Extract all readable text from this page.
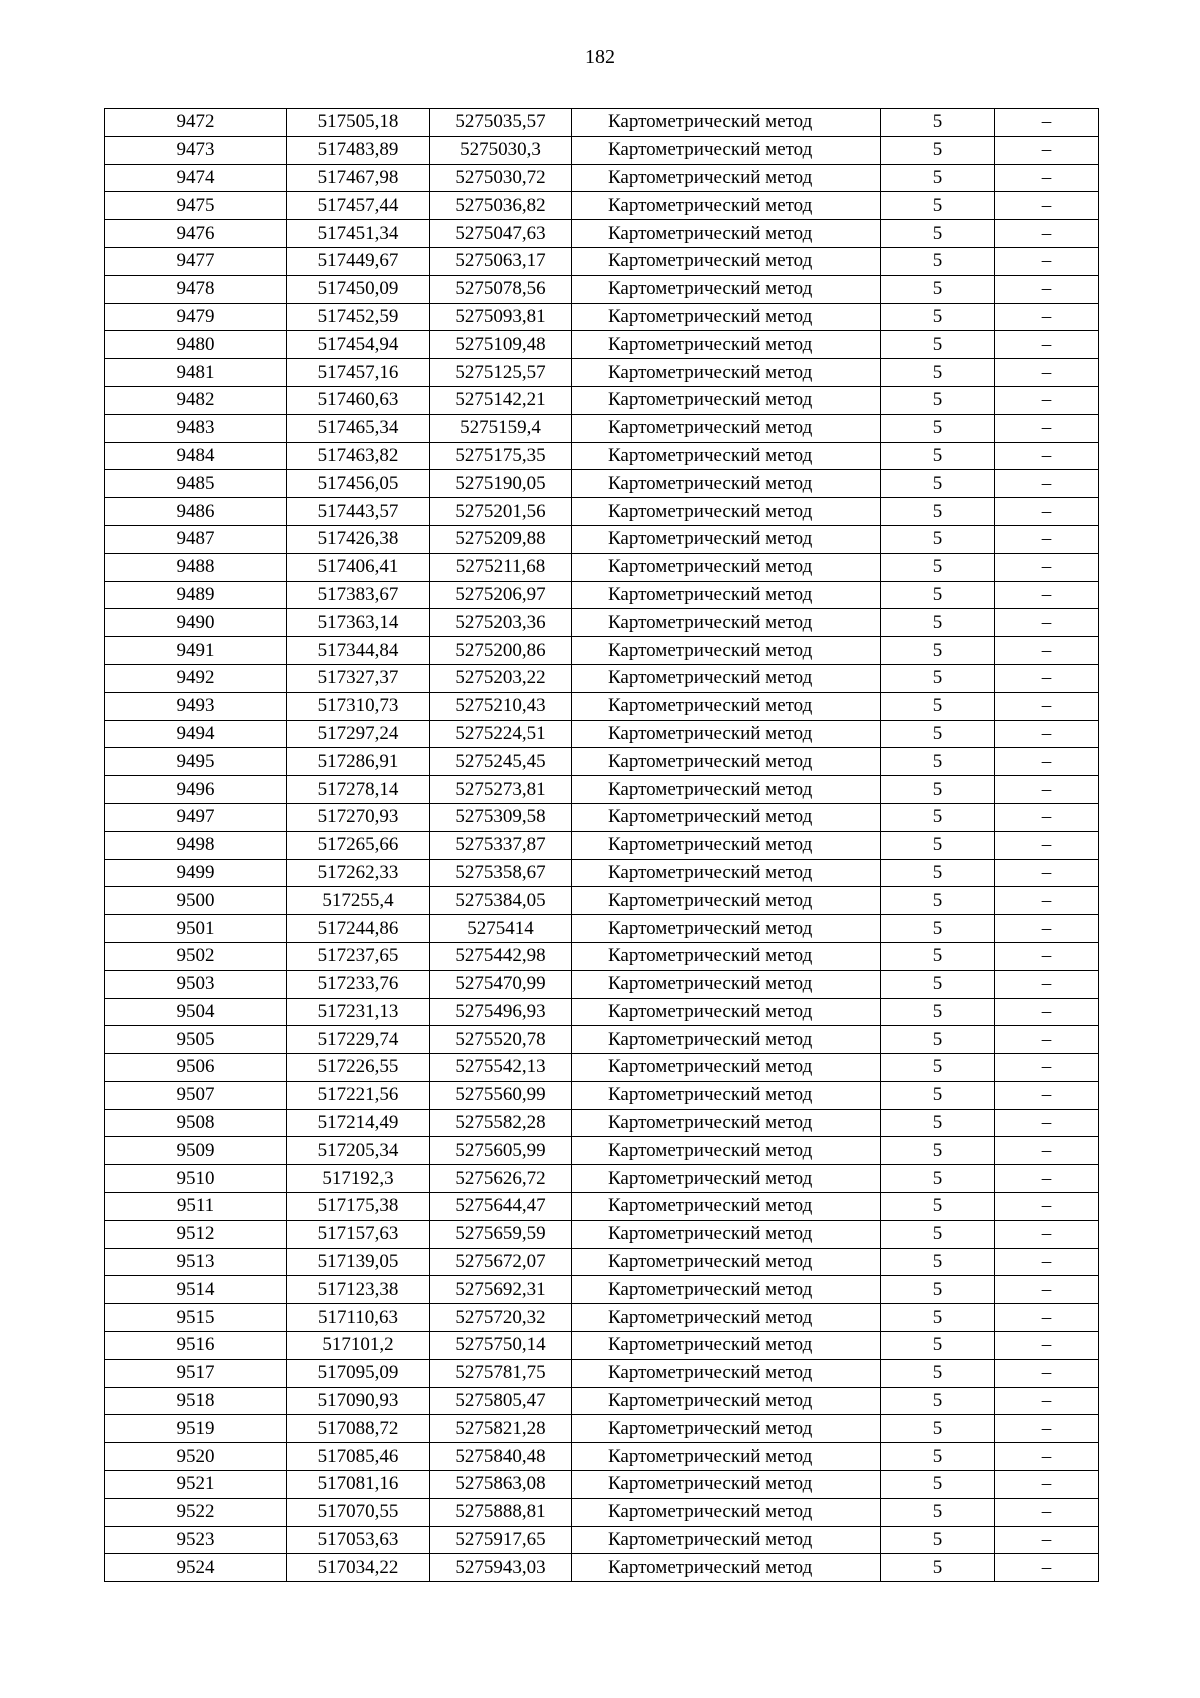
182
9472	517505,18	5275035,57	Картометрический метод	5	–
9473	517483,89	5275030,3	Картометрический метод	5	–
9474	517467,98	5275030,72	Картометрический метод	5	–
9475	517457,44	5275036,82	Картометрический метод	5	–
9476	517451,34	5275047,63	Картометрический метод	5	–
9477	517449,67	5275063,17	Картометрический метод	5	–
9478	517450,09	5275078,56	Картометрический метод	5	–
9479	517452,59	5275093,81	Картометрический метод	5	–
9480	517454,94	5275109,48	Картометрический метод	5	–
9481	517457,16	5275125,57	Картометрический метод	5	–
9482	517460,63	5275142,21	Картометрический метод	5	–
9483	517465,34	5275159,4	Картометрический метод	5	–
9484	517463,82	5275175,35	Картометрический метод	5	–
9485	517456,05	5275190,05	Картометрический метод	5	–
9486	517443,57	5275201,56	Картометрический метод	5	–
9487	517426,38	5275209,88	Картометрический метод	5	–
9488	517406,41	5275211,68	Картометрический метод	5	–
9489	517383,67	5275206,97	Картометрический метод	5	–
9490	517363,14	5275203,36	Картометрический метод	5	–
9491	517344,84	5275200,86	Картометрический метод	5	–
9492	517327,37	5275203,22	Картометрический метод	5	–
9493	517310,73	5275210,43	Картометрический метод	5	–
9494	517297,24	5275224,51	Картометрический метод	5	–
9495	517286,91	5275245,45	Картометрический метод	5	–
9496	517278,14	5275273,81	Картометрический метод	5	–
9497	517270,93	5275309,58	Картометрический метод	5	–
9498	517265,66	5275337,87	Картометрический метод	5	–
9499	517262,33	5275358,67	Картометрический метод	5	–
9500	517255,4	5275384,05	Картометрический метод	5	–
9501	517244,86	5275414	Картометрический метод	5	–
9502	517237,65	5275442,98	Картометрический метод	5	–
9503	517233,76	5275470,99	Картометрический метод	5	–
9504	517231,13	5275496,93	Картометрический метод	5	–
9505	517229,74	5275520,78	Картометрический метод	5	–
9506	517226,55	5275542,13	Картометрический метод	5	–
9507	517221,56	5275560,99	Картометрический метод	5	–
9508	517214,49	5275582,28	Картометрический метод	5	–
9509	517205,34	5275605,99	Картометрический метод	5	–
9510	517192,3	5275626,72	Картометрический метод	5	–
9511	517175,38	5275644,47	Картометрический метод	5	–
9512	517157,63	5275659,59	Картометрический метод	5	–
9513	517139,05	5275672,07	Картометрический метод	5	–
9514	517123,38	5275692,31	Картометрический метод	5	–
9515	517110,63	5275720,32	Картометрический метод	5	–
9516	517101,2	5275750,14	Картометрический метод	5	–
9517	517095,09	5275781,75	Картометрический метод	5	–
9518	517090,93	5275805,47	Картометрический метод	5	–
9519	517088,72	5275821,28	Картометрический метод	5	–
9520	517085,46	5275840,48	Картометрический метод	5	–
9521	517081,16	5275863,08	Картометрический метод	5	–
9522	517070,55	5275888,81	Картометрический метод	5	–
9523	517053,63	5275917,65	Картометрический метод	5	–
9524	517034,22	5275943,03	Картометрический метод	5	–
